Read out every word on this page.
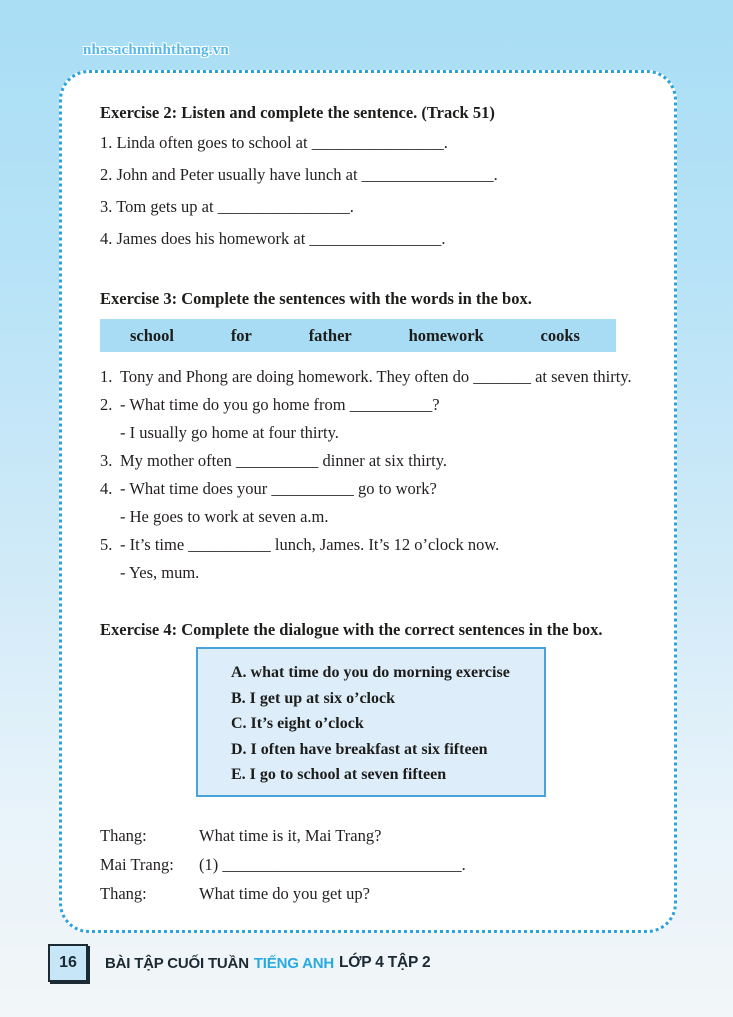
nhasachminhthang.vn
Exercise 2: Listen and complete the sentence. (Track 51)
1. Linda often goes to school at ________________.
2. John and Peter usually have lunch at ________________.
3. Tom gets up at ________________.
4. James does his homework at ________________.
Exercise 3: Complete the sentences with the words in the box.
school	for	father	homework	cooks
1. Tony and Phong are doing homework. They often do _______ at seven thirty.
2. - What time do you go home from __________?
- I usually go home at four thirty.
3. My mother often __________ dinner at six thirty.
4. - What time does your __________ go to work?
- He goes to work at seven a.m.
5. - It’s time __________ lunch, James. It’s 12 o’clock now.
- Yes, mum.
Exercise 4: Complete the dialogue with the correct sentences in the box.
A. what time do you do morning exercise
B. I get up at six o’clock
C. It’s eight o’clock
D. I often have breakfast at six fifteen
E. I go to school at seven fifteen
Thang:	What time is it, Mai Trang?
Mai Trang:	(1) _____________________________.
Thang:	What time do you get up?
16	BÀI TẬP CUỐI TUẦN TIẾNG ANH LỚP 4 TẬP 2
